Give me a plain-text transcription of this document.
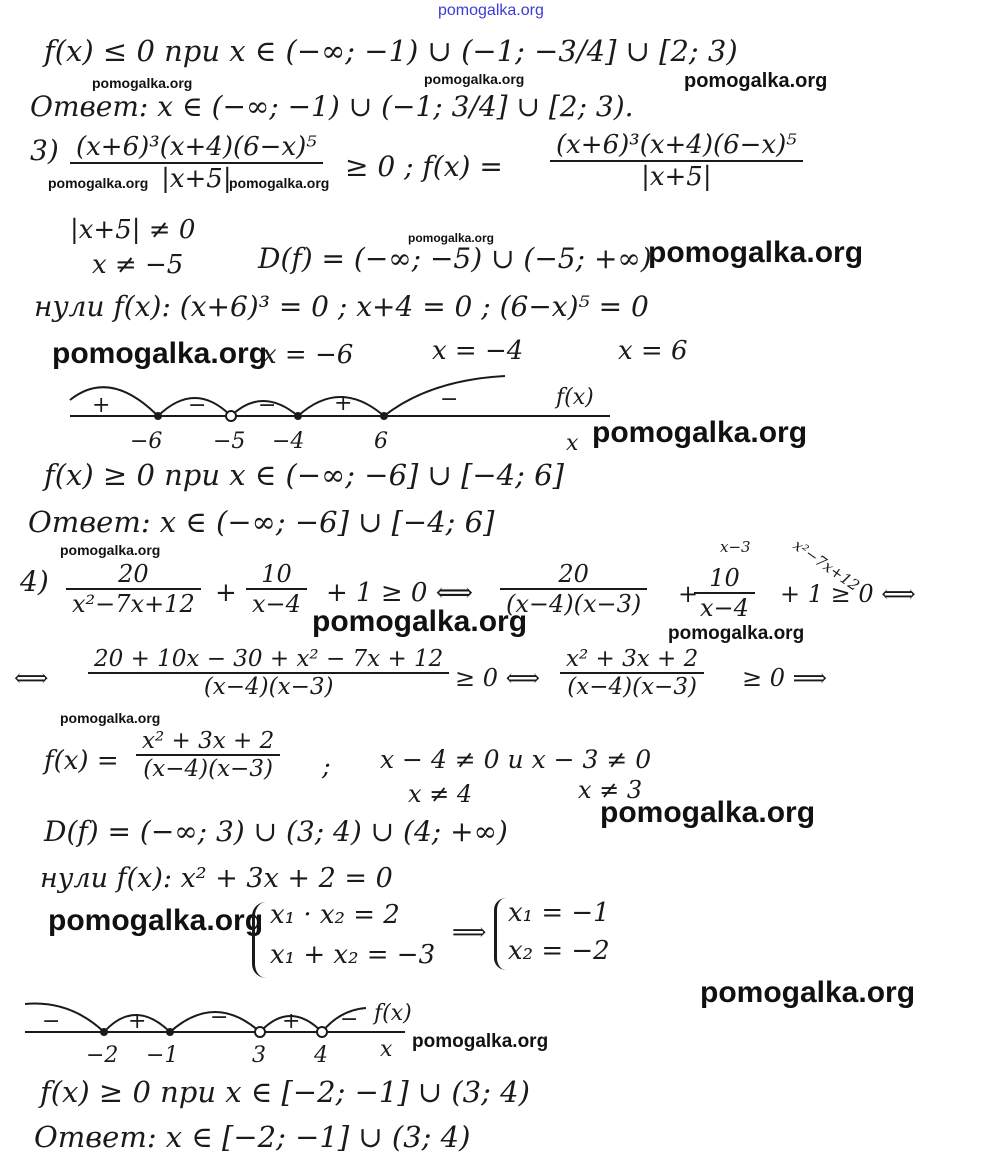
pomogalka.org
pomogalka.org	pomogalka.org	pomogalka.org
pomogalka.org	pomogalka.org
pomogalka.org	pomogalka.org
pomogalka.org
pomogalka.org
pomogalka.org
pomogalka.org	pomogalka.org
pomogalka.org
pomogalka.org
pomogalka.org
pomogalka.org
pomogalka.org
f(x) ≤ 0 при x ∈ (−∞; −1) ∪ (−1; −3/4] ∪ [2; 3)
Ответ: x ∈ (−∞; −1) ∪ (−1; 3/4] ∪ [2; 3).
$3) \frac{\text{(x+6)³(x+4)(6−x)⁵}}{|x+5|} \ge 0$ ; $f(x) = \frac{\text{(x+6)³(x+4)(6−x)⁵}}{|x+5|}$
|x+5| ≠ 0
x ≠ −5	D(f) = (−∞; −5) ∪ (−5; +∞)
нули f(x): (x+6)³ = 0 ; x+4 = 0 ; (6−x)⁵ = 0
x = −6	x = −4	x = 6
+	− −	+	−
−6 −5 −4	6
f(x)
x
f(x) ≥ 0 при x ∈ (−∞; −6] ∪ [−4; 6]
Ответ: x ∈ (−∞; −6] ∪ [−4; 6]
$4) \frac{20}{\text{x²−7x+12}} + \frac{10}{x-4} + 1 \ge 0$ ⟺ $\frac{20}{(x-4)(x-3)}$ +
x−3	x²−7x+12
$\frac{10}{x-4} + 1 \ge 0$ ⟺
⟺ $\frac{\text{20 + 10x − 30 + x² − 7x + 12}}{(x-4)(x-3)} \ge 0$ ⟺ $\frac{\text{x² + 3x + 2}}{(x-4)(x-3)} \ge 0$ ⟹
$f(x) = \frac{\text{x² + 3x + 2}}{(x-4)(x-3)}$ ; x − 4 ≠ 0 и x − 3 ≠ 0
x ≠ 4	x ≠ 3
D(f) = (−∞; 3) ∪ (3; 4) ∪ (4; +∞)
нули f(x): x² + 3x + 2 = 0
x₁ · x₂ = 2
x₁ + x₂ = −3
⟹
x₁ = −1
x₂ = −2
−	+	− + −
−2 −1	3 4
f(x)
x
f(x) ≥ 0 при x ∈ [−2; −1] ∪ (3; 4)
Ответ: x ∈ [−2; −1] ∪ (3; 4)
